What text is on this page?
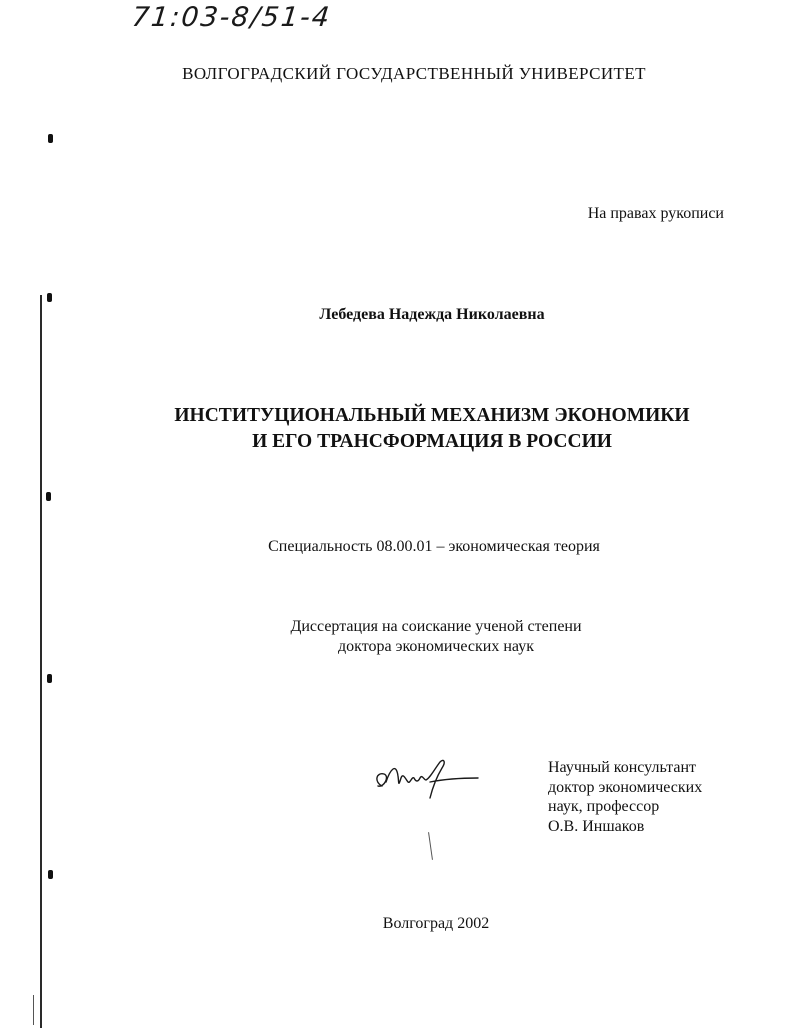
71:03-8/51-4
ВОЛГОГРАДСКИЙ ГОСУДАРСТВЕННЫЙ УНИВЕРСИТЕТ
На правах рукописи
Лебедева Надежда Николаевна
ИНСТИТУЦИОНАЛЬНЫЙ МЕХАНИЗМ ЭКОНОМИКИ
И ЕГО ТРАНСФОРМАЦИЯ В РОССИИ
Специальность 08.00.01 – экономическая теория
Диссертация на соискание ученой степени
доктора экономических наук
Научный консультант
доктор экономических
наук, профессор
О.В. Иншаков
Волгоград 2002
